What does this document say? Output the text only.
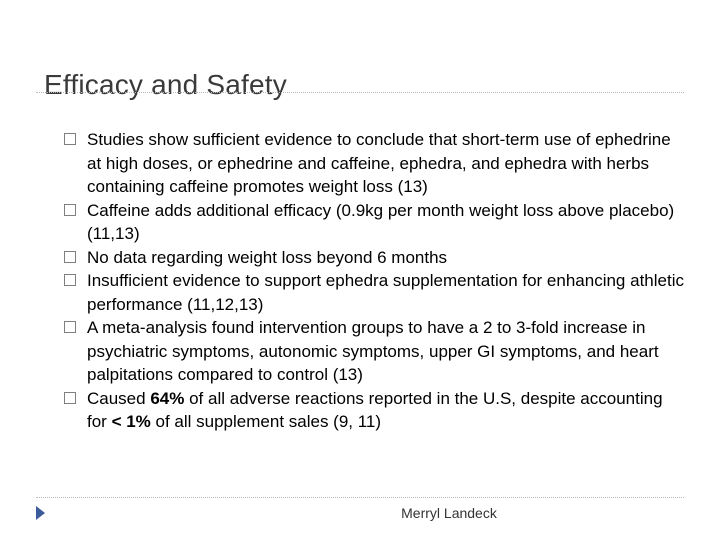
Efficacy and Safety
Studies show sufficient evidence to conclude that short-term use of ephedrine at high doses, or ephedrine and caffeine, ephedra, and ephedra with herbs containing caffeine promotes weight loss (13)
Caffeine adds additional efficacy (0.9kg per month weight loss above placebo) (11,13)
No data regarding weight loss beyond 6 months
Insufficient evidence to support ephedra supplementation for enhancing athletic performance (11,12,13)
A meta-analysis found intervention groups to have a 2 to 3-fold increase in psychiatric symptoms, autonomic symptoms, upper GI symptoms, and heart palpitations compared to control (13)
Caused 64% of all adverse reactions reported in the U.S, despite accounting for < 1% of all supplement sales (9, 11)
Merryl Landeck
